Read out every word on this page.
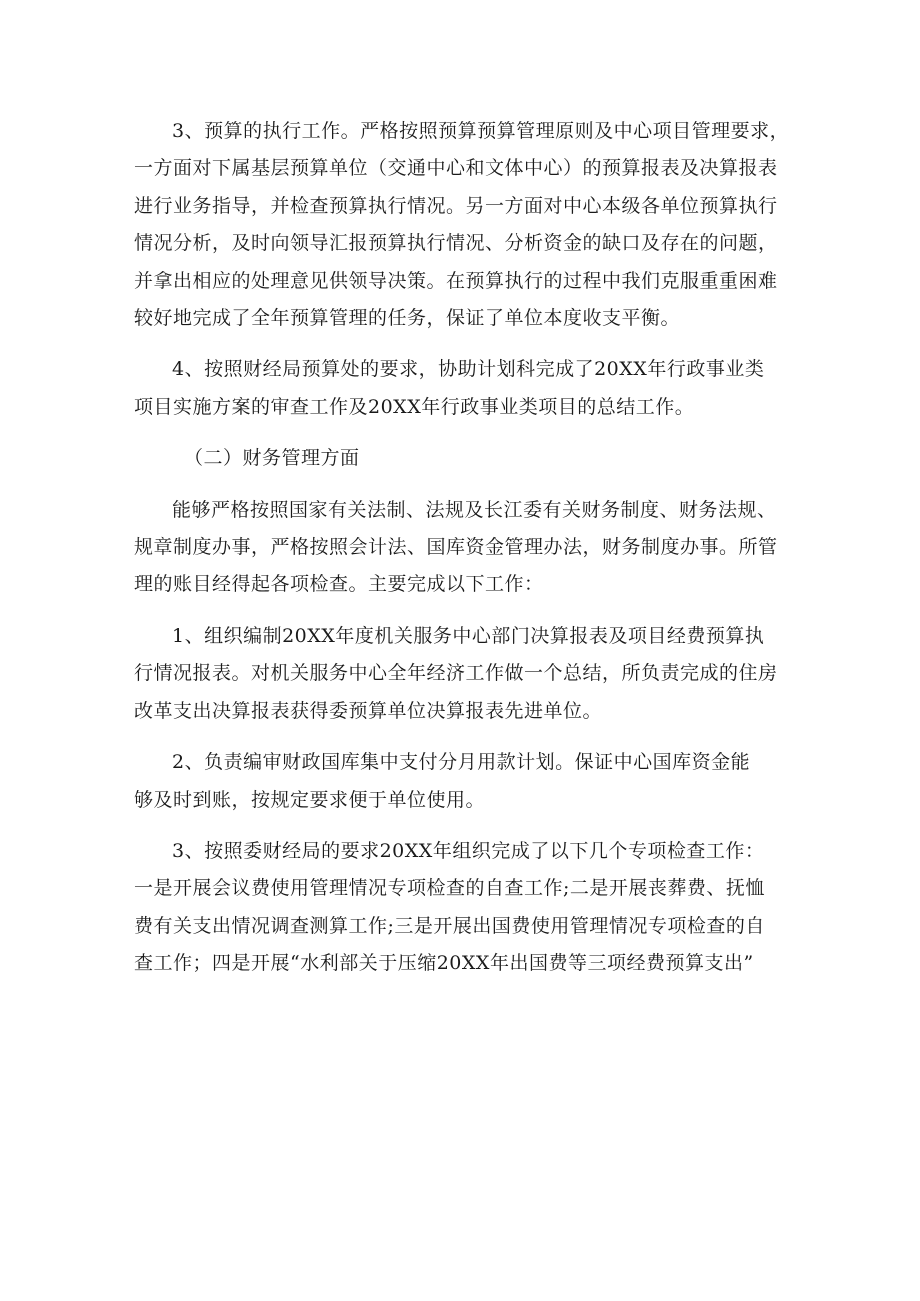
3、预算的执行工作。严格按照预算预算管理原则及中心项目管理要求，
一方面对下属基层预算单位（交通中心和文体中心）的预算报表及决算报表
进行业务指导，并检查预算执行情况。另一方面对中心本级各单位预算执行
情况分析，及时向领导汇报预算执行情况、分析资金的缺口及存在的问题，
并拿出相应的处理意见供领导决策。在预算执行的过程中我们克服重重困难
较好地完成了全年预算管理的任务，保证了单位本度收支平衡。

4、按照财经局预算处的要求，协助计划科完成了20XX年行政事业类
项目实施方案的审查工作及20XX年行政事业类项目的总结工作。

（二）财务管理方面

能够严格按照国家有关法制、法规及长江委有关财务制度、财务法规、
规章制度办事，严格按照会计法、国库资金管理办法，财务制度办事。所管
理的账目经得起各项检查。主要完成以下工作：

1、组织编制20XX年度机关服务中心部门决算报表及项目经费预算执
行情况报表。对机关服务中心全年经济工作做一个总结，所负责完成的住房
改革支出决算报表获得委预算单位决算报表先进单位。

2、负责编审财政国库集中支付分月用款计划。保证中心国库资金能
够及时到账，按规定要求便于单位使用。

3、按照委财经局的要求20XX年组织完成了以下几个专项检查工作：
一是开展会议费使用管理情况专项检查的自查工作;二是开展丧葬费、抚恤
费有关支出情况调查测算工作;三是开展出国费使用管理情况专项检查的自
查工作；四是开展“水利部关于压缩20XX年出国费等三项经费预算支出”
